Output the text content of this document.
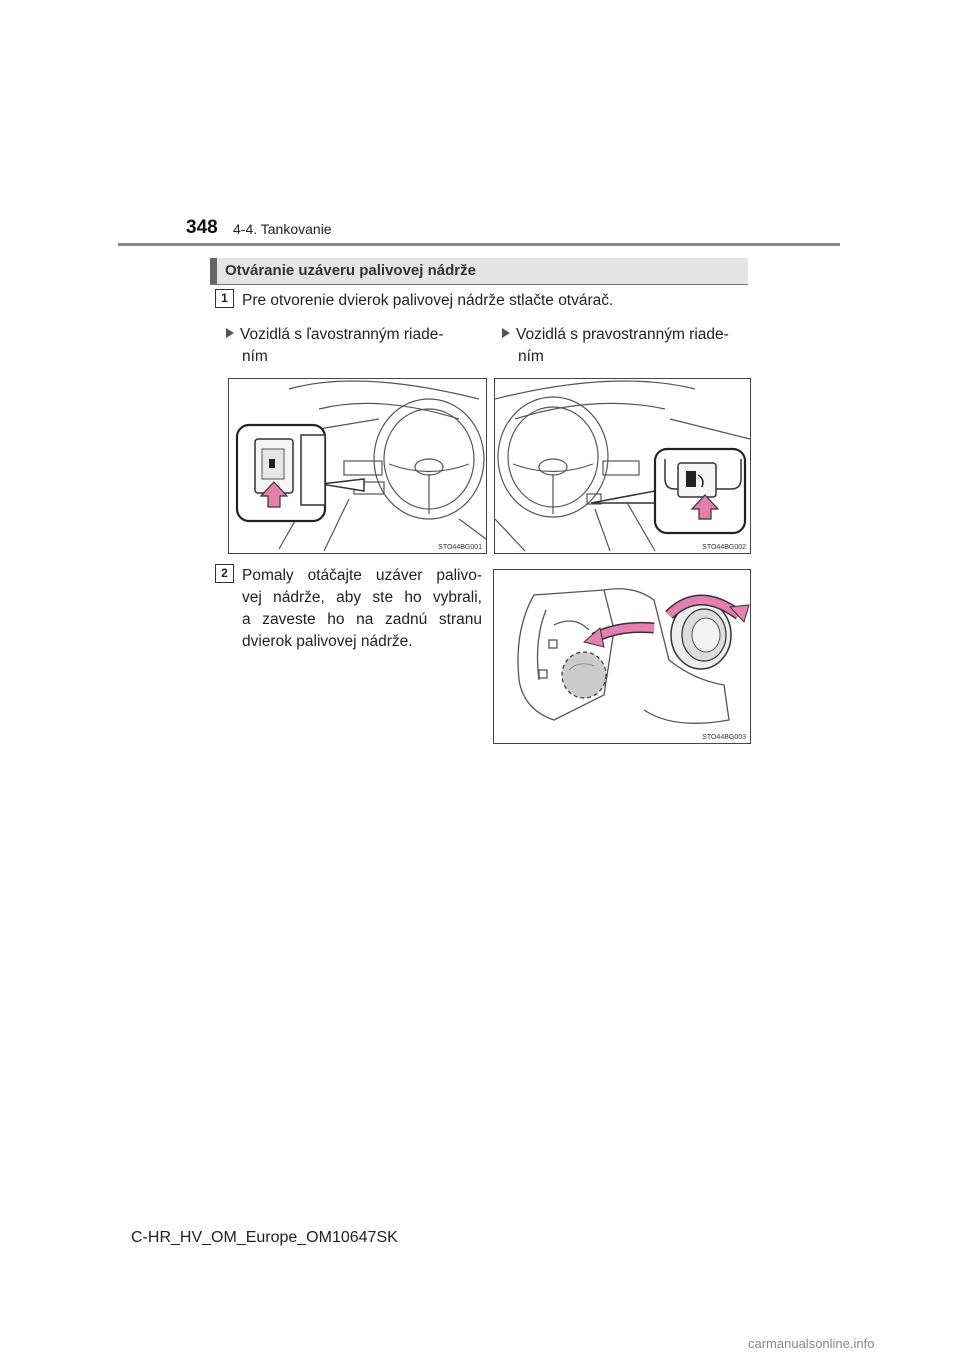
348 4-4. Tankovanie
Otváranie uzáveru palivovej nádrže
1 Pre otvorenie dvierok palivovej nádrže stlačte otvárač.
Vozidlá s ľavostranným riade-
ním
Vozidlá s pravostranným riade-
ním
STO44BG001	STO44BG002
2 Pomaly otáčajte uzáver palivo-
vej nádrže, aby ste ho vybrali,
a zaveste ho na zadnú stranu
dvierok palivovej nádrže.
STO44BG003
C-HR_HV_OM_Europe_OM10647SK
carmanualsonline.info
